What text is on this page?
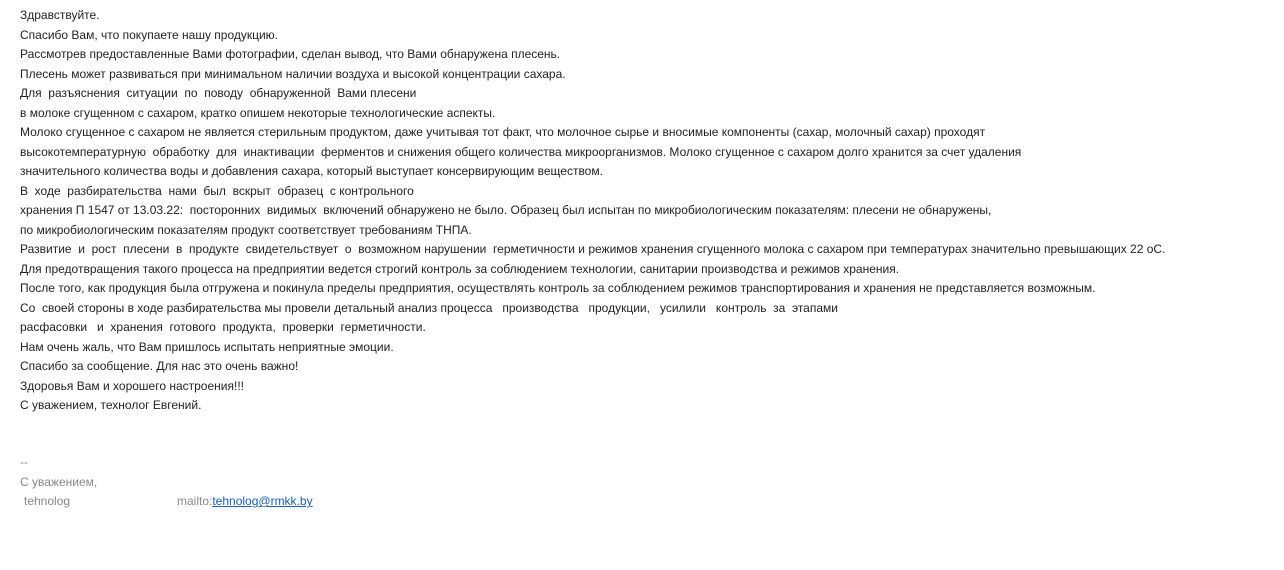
Здравствуйте.
Спасибо Вам, что покупаете нашу продукцию.
Рассмотрев предоставленные Вами фотографии, сделан вывод, что Вами обнаружена плесень.
Плесень может развиваться при минимальном наличии воздуха и высокой концентрации сахара.
Для  разъяснения  ситуации  по  поводу  обнаруженной  Вами плесени
в молоке сгущенном с сахаром, кратко опишем некоторые технологические аспекты.
Молоко сгущенное с сахаром не является стерильным продуктом, даже учитывая тот факт, что молочное сырье и вносимые компоненты (сахар, молочный сахар) проходят
высокотемпературную  обработку  для  инактивации  ферментов и снижения общего количества микроорганизмов. Молоко сгущенное с сахаром долго хранится за счет удаления
значительного количества воды и добавления сахара, который выступает консервирующим веществом.
В  ходе  разбирательства  нами  был  вскрыт  образец  с контрольного
хранения П 1547 от 13.03.22:  посторонних  видимых  включений обнаружено не было. Образец был испытан по микробиологическим показателям: плесени не обнаружены,
по микробиологическим показателям продукт соответствует требованиям ТНПА.
Развитие  и  рост  плесени  в  продукте  свидетельствует  о  возможном нарушении  герметичности и режимов хранения сгущенного молока с сахаром при температурах значительно превышающих 22 оС.
Для предотвращения такого процесса на предприятии ведется строгий контроль за соблюдением технологии, санитарии производства и режимов хранения.
После того, как продукция была отгружена и покинула пределы предприятия, осуществлять контроль за соблюдением режимов транспортирования и хранения не представляется возможным.
Со  своей стороны в ходе разбирательства мы провели детальный анализ процесса   производства   продукции,   усилили   контроль  за  этапами
расфасовки   и  хранения  готового  продукта,  проверки  герметичности.
Нам очень жаль, что Вам пришлось испытать неприятные эмоции.
Спасибо за сообщение. Для нас это очень важно!
Здоровья Вам и хорошего настроения!!!
С уважением, технолог Евгений.
--
С уважением,

tehnolog

	mailto:tehnolog@rmkk.by
